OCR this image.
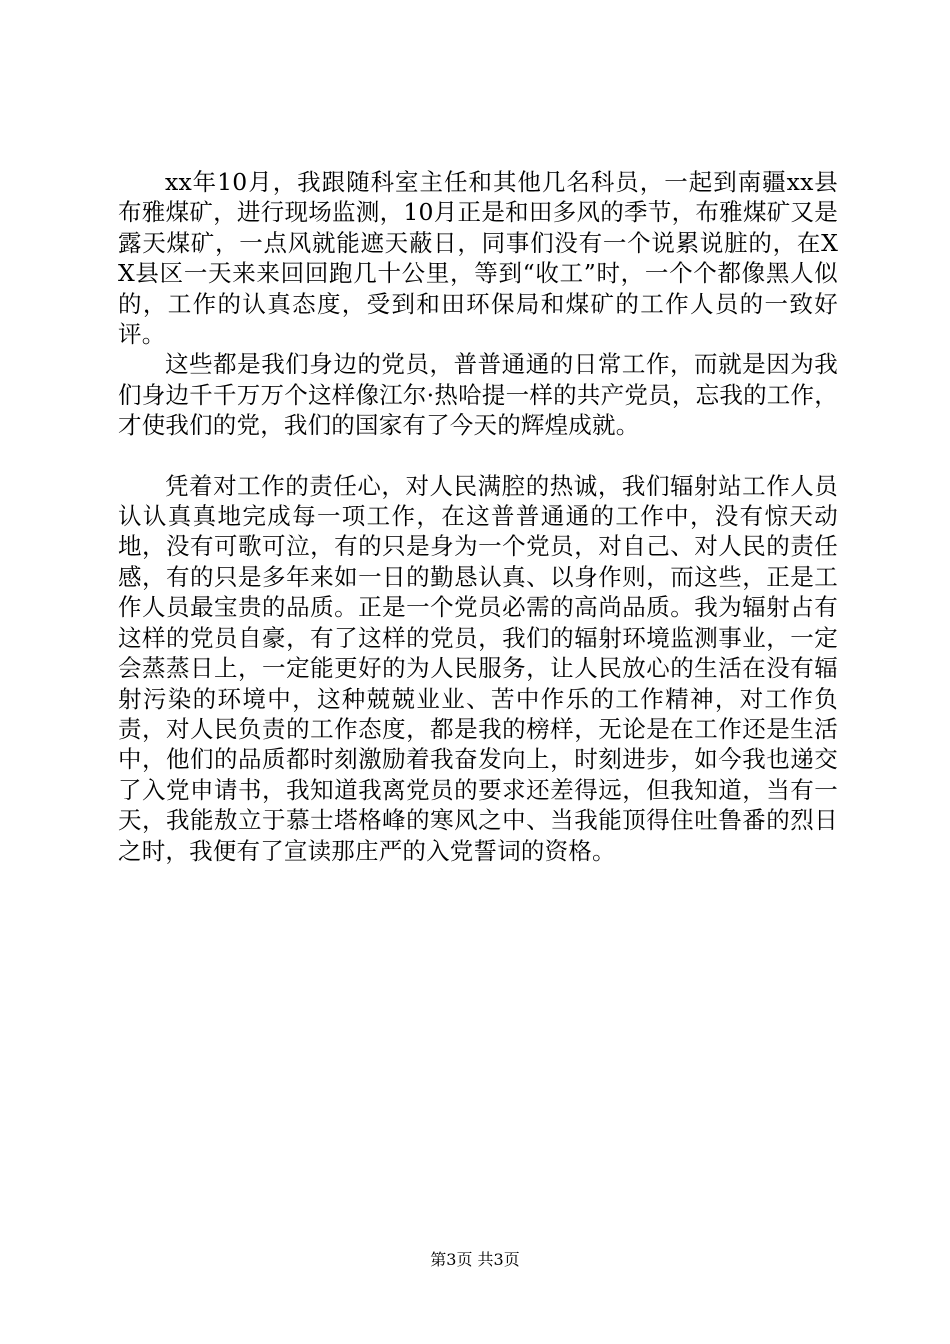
xx年10月，我跟随科室主任和其他几名科员，一起到南疆xx县布雅煤矿，进行现场监测，10月正是和田多风的季节，布雅煤矿又是露天煤矿，一点风就能遮天蔽日，同事们没有一个说累说脏的，在XX县区一天来来回回跑几十公里，等到“收工”时，一个个都像黑人似的，工作的认真态度，受到和田环保局和煤矿的工作人员的一致好评。

这些都是我们身边的党员，普普通通的日常工作，而就是因为我们身边千千万万个这样像江尔·热哈提一样的共产党员，忘我的工作，才使我们的党，我们的国家有了今天的辉煌成就。

凭着对工作的责任心，对人民满腔的热诚，我们辐射站工作人员认认真真地完成每一项工作，在这普普通通的工作中，没有惊天动地，没有可歌可泣，有的只是身为一个党员，对自己、对人民的责任感，有的只是多年来如一日的勤恳认真、以身作则，而这些，正是工作人员最宝贵的品质。正是一个党员必需的高尚品质。我为辐射占有这样的党员自豪，有了这样的党员，我们的辐射环境监测事业，一定会蒸蒸日上，一定能更好的为人民服务，让人民放心的生活在没有辐射污染的环境中，这种兢兢业业、苦中作乐的工作精神，对工作负责，对人民负责的工作态度，都是我的榜样，无论是在工作还是生活中，他们的品质都时刻激励着我奋发向上，时刻进步，如今我也递交了入党申请书，我知道我离党员的要求还差得远，但我知道，当有一天，我能敖立于慕士塔格峰的寒风之中、当我能顶得住吐鲁番的烈日之时，我便有了宣读那庄严的入党誓词的资格。

第3页 共3页
